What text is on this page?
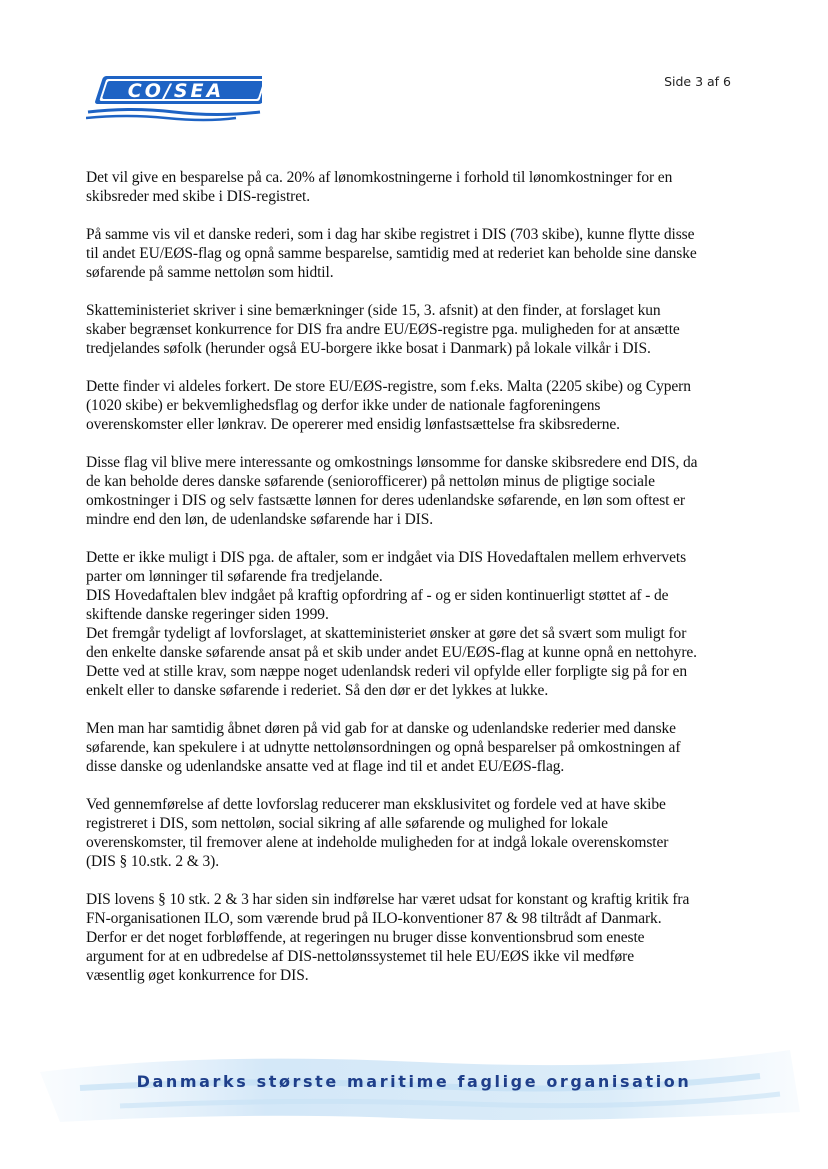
CO/SEA	Side 3 af 6

Det vil give en besparelse på ca. 20% af lønomkostningerne i forhold til lønomkostninger for en
skibsreder med skibe i DIS-registret.

På samme vis vil et danske rederi, som i dag har skibe registret i DIS (703 skibe), kunne flytte disse
til andet EU/EØS-flag og opnå samme besparelse, samtidig med at rederiet kan beholde sine danske
søfarende på samme nettoløn som hidtil.

Skatteministeriet skriver i sine bemærkninger (side 15, 3. afsnit) at den finder, at forslaget kun
skaber begrænset konkurrence for DIS fra andre EU/EØS-registre pga. muligheden for at ansætte
tredjelandes søfolk (herunder også EU-borgere ikke bosat i Danmark) på lokale vilkår i DIS.

Dette finder vi aldeles forkert. De store EU/EØS-registre, som f.eks. Malta (2205 skibe) og Cypern
(1020 skibe) er bekvemlighedsflag og derfor ikke under de nationale fagforeningens
overenskomster eller lønkrav. De opererer med ensidig lønfastsættelse fra skibsrederne.

Disse flag vil blive mere interessante og omkostnings lønsomme for danske skibsredere end DIS, da
de kan beholde deres danske søfarende (seniorofficerer) på nettoløn minus de pligtige sociale
omkostninger i DIS og selv fastsætte lønnen for deres udenlandske søfarende, en løn som oftest er
mindre end den løn, de udenlandske søfarende har i DIS.

Dette er ikke muligt i DIS pga. de aftaler, som er indgået via DIS Hovedaftalen mellem erhvervets
parter om lønninger til søfarende fra tredjelande.
DIS Hovedaftalen blev indgået på kraftig opfordring af - og er siden kontinuerligt støttet af - de
skiftende danske regeringer siden 1999.
Det fremgår tydeligt af lovforslaget, at skatteministeriet ønsker at gøre det så svært som muligt for
den enkelte danske søfarende ansat på et skib under andet EU/EØS-flag at kunne opnå en nettohyre.
Dette ved at stille krav, som næppe noget udenlandsk rederi vil opfylde eller forpligte sig på for en
enkelt eller to danske søfarende i rederiet. Så den dør er det lykkes at lukke.

Men man har samtidig åbnet døren på vid gab for at danske og udenlandske rederier med danske
søfarende, kan spekulere i at udnytte nettolønsordningen og opnå besparelser på omkostningen af
disse danske og udenlandske ansatte ved at flage ind til et andet EU/EØS-flag.

Ved gennemførelse af dette lovforslag reducerer man eksklusivitet og fordele ved at have skibe
registreret i DIS, som nettoløn, social sikring af alle søfarende og mulighed for lokale
overenskomster, til fremover alene at indeholde muligheden for at indgå lokale overenskomster
(DIS § 10.stk. 2 & 3).

DIS lovens § 10 stk. 2 & 3 har siden sin indførelse har været udsat for konstant og kraftig kritik fra
FN-organisationen ILO, som værende brud på ILO-konventioner 87 & 98 tiltrådt af Danmark.
Derfor er det noget forbløffende, at regeringen nu bruger disse konventionsbrud som eneste
argument for at en udbredelse af DIS-nettolønssystemet til hele EU/EØS ikke vil medføre
væsentlig øget konkurrence for DIS.

Danmarks største maritime faglige organisation
